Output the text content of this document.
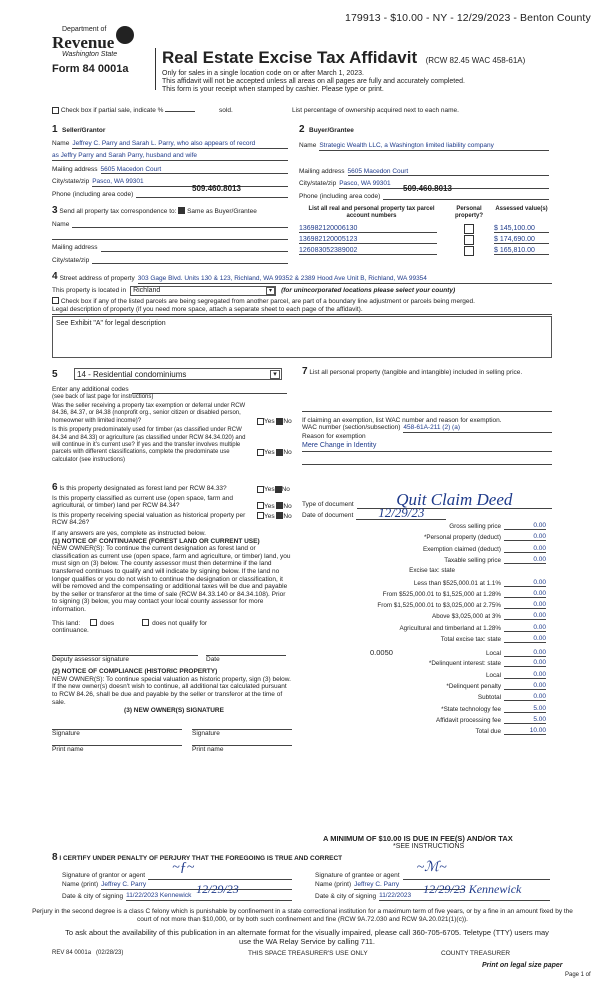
179913 - $10.00 - NY - 12/29/2023 - Benton County
Department of
Revenue
Washington State
Form 84 0001a
Real Estate Excise Tax Affidavit (RCW 82.45 WAC 458-61A)
Only for sales in a single location code on or after March 1, 2023.
This affidavit will not be accepted unless all areas on all pages are fully and accurately completed.
This form is your receipt when stamped by cashier. Please type or print.
Check box if partial sale, indicate %	sold.	List percentage of ownership acquired next to each name.
1 Seller/Grantor
Name Jeffrey C. Parry and Sarah L. Parry, who also appears of record
as Jeffry Parry and Sarah Parry, husband and wife
Mailing address 5605 Macedon Court
City/state/zip Pasco, WA 99301
Phone (including area code)
509.460.8013
2 Buyer/Grantee
Name Strategic Wealth LLC, a Washington limited liability company
Mailing address 5605 Macedon Court
City/state/zip Pasco, WA 99301
509.460.8013
Phone (including area code)
3 Send all property tax correspondence to: Same as Buyer/Grantee
Name
Mailing address
City/state/zip
List all real and personal property tax parcel account numbers
Personal property?
Assessed value(s)
136982120006130	$ 145,100.00
136982120005123	$ 174,690.00
126083052389002	$ 165,810.00
4 Street address of property 303 Gage Blvd. Units 130 & 123, Richland, WA 99352 & 2389 Hood Ave Unit B, Richland, WA 99354
This property is located in Richland	▾	(for unincorporated locations please select your county)
Check box if any of the listed parcels are being segregated from another parcel, are part of a boundary line adjustment or parcels being merged.
Legal description of property (if you need more space, attach a separate sheet to each page of the affidavit).
See Exhibit "A" for legal description
5	14 - Residential condominiums	▾
Enter any additional codes
(see back of last page for instructions)
Was the seller receiving a property tax exemption or deferral under RCW 84.36, 84.37, or 84.38 (nonprofit org., senior citizen or disabled person, homeowner with limited income)?	Yes No
Is this property predominately used for timber (as classified under RCW 84.34 and 84.33) or agriculture (as classified under RCW 84.34.020) and will continue in it's current use? If yes and the transfer involves multiple parcels with different classifications, complete the predominate use calculator (see instructions)
Yes No
6 Is this property designated as forest land per RCW 84.33?	Yes No
Is this property classified as current use (open space, farm and agricultural, or timber) land per RCW 84.34?	Yes No
Is this property receiving special valuation as historical property per RCW 84.26?
Yes No
If any answers are yes, complete as instructed below.
(1) NOTICE OF CONTINUANCE (FOREST LAND OR CURRENT USE)
NEW OWNER(S): To continue the current designation as forest land or classification as current use (open space, farm and agriculture, or timber) land, you must sign on (3) below. The county assessor must then determine if the land transferred continues to qualify and will indicate by signing below. If the land no longer qualifies or you do not wish to continue the designation or classification, it will be removed and the compensating or additional taxes will be due and payable by the seller or transferor at the time of sale (RCW 84.33.140 or 84.34.108). Prior to signing (3) below, you may contact your local county assessor for more information.
This land:	does	does not qualify for
continuance.
Deputy assessor signature	Date
(2) NOTICE OF COMPLIANCE (HISTORIC PROPERTY)
NEW OWNER(S): To continue special valuation as historic property, sign (3) below. If the new owner(s) doesn't wish to continue, all additional tax calculated pursuant to RCW 84.26, shall be due and payable by the seller or transferor at the time of sale.
(3) NEW OWNER(S) SIGNATURE
Signature	Signature
Print name	Print name
7 List all personal property (tangible and intangible) included in selling price.
If claiming an exemption, list WAC number and reason for exemption.
WAC number (section/subsection) 458-61A-211 (2) (a)
Reason for exemption
Mere Change in Identity
Type of document	Quit Claim Deed
Date of document	12/29/23
Gross selling price	0.00
*Personal property (deduct)	0.00
Exemption claimed (deduct)	0.00
Taxable selling price	0.00
Excise tax: state
Less than $525,000.01 at 1.1%	0.00
From $525,000.01 to $1,525,000 at 1.28%	0.00
From $1,525,000.01 to $3,025,000 at 2.75%	0.00
Above $3,025,000 at 3%	0.00
Agricultural and timberland at 1.28%	0.00
Total excise tax: state	0.00
0.0050	Local	0.00
*Delinquent interest: state	0.00
Local	0.00
*Delinquent penalty	0.00
Subtotal	0.00
*State technology fee	5.00
Affidavit processing fee	5.00
Total due	10.00
A MINIMUM OF $10.00 IS DUE IN FEE(S) AND/OR TAX
*SEE INSTRUCTIONS
8 I CERTIFY UNDER PENALTY OF PERJURY THAT THE FOREGOING IS TRUE AND CORRECT
Signature of grantor or agent
~ƒ~
Name (print) Jeffrey C. Parry
Date & city of signing 11/22/2023 Kennewick 12/29/23
Signature of grantee or agent
~ℳ~
Name (print) Jeffrey C. Parry
Date & city of signing 11/22/2023 12/29/23 Kennewick
Perjury in the second degree is a class C felony which is punishable by confinement in a state correctional institution for a maximum term of five years, or by a fine in an amount fixed by the court of not more than $10,000, or by both such confinement and fine (RCW 9A.72.030 and RCW 9A.20.021(1)(c)).
To ask about the availability of this publication in an alternate format for the visually impaired, please call 360-705-6705. Teletype (TTY) users may use the WA Relay Service by calling 711.
REV 84 0001a   (02/28/23)	THIS SPACE TREASURER'S USE ONLY	COUNTY TREASURER
Print on legal size paper
Page 1 of
